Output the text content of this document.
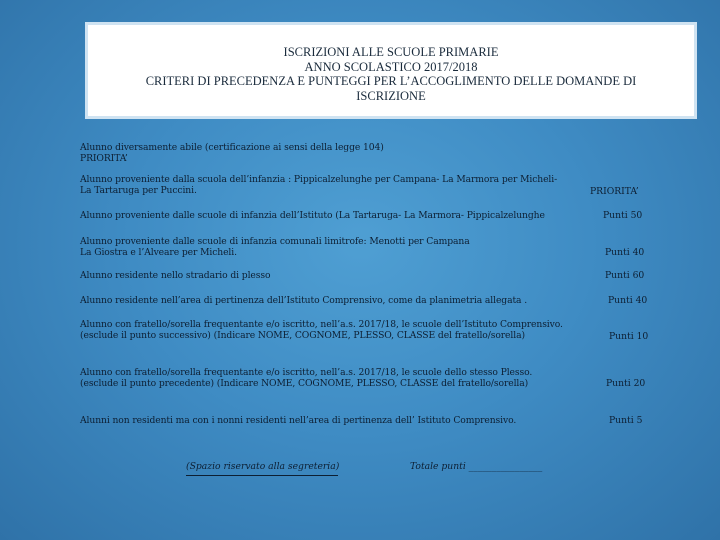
ISCRIZIONI ALLE SCUOLE PRIMARIE
ANNO SCOLASTICO 2017/2018
CRITERI DI PRECEDENZA E PUNTEGGI PER L’ACCOGLIMENTO DELLE DOMANDE DI
ISCRIZIONE
Alunno diversamente abile (certificazione ai sensi della legge 104)
PRIORITA’
Alunno proveniente dalla scuola dell’infanzia : Pippicalzelunghe per Campana- La Marmora per Micheli-
La Tartaruga per Puccini.	PRIORITA’
Alunno proveniente dalle scuole di infanzia dell’Istituto (La Tartaruga- La Marmora- Pippicalzelunghe	Punti 50
Alunno proveniente dalle scuole di infanzia comunali limitrofe: Menotti per Campana
La Giostra e l’Alveare per Micheli.	Punti 40
Alunno residente nello stradario di plesso	Punti 60
Alunno residente nell’area di pertinenza dell’Istituto Comprensivo, come da planimetria allegata .	Punti 40
Alunno con fratello/sorella frequentante e/o iscritto, nell’a.s. 2017/18, le scuole dell’Istituto Comprensivo.
(esclude il punto successivo) (Indicare NOME, COGNOME, PLESSO, CLASSE del fratello/sorella)	Punti 10
Alunno con fratello/sorella frequentante e/o iscritto, nell’a.s. 2017/18, le scuole dello stesso Plesso.
(esclude il punto precedente) (Indicare NOME, COGNOME, PLESSO, CLASSE del fratello/sorella)	Punti 20
Alunni non residenti ma con i nonni residenti nell’area di pertinenza dell’ Istituto Comprensivo.	Punti 5
(Spazio riservato alla segreteria)	Totale punti ________________
